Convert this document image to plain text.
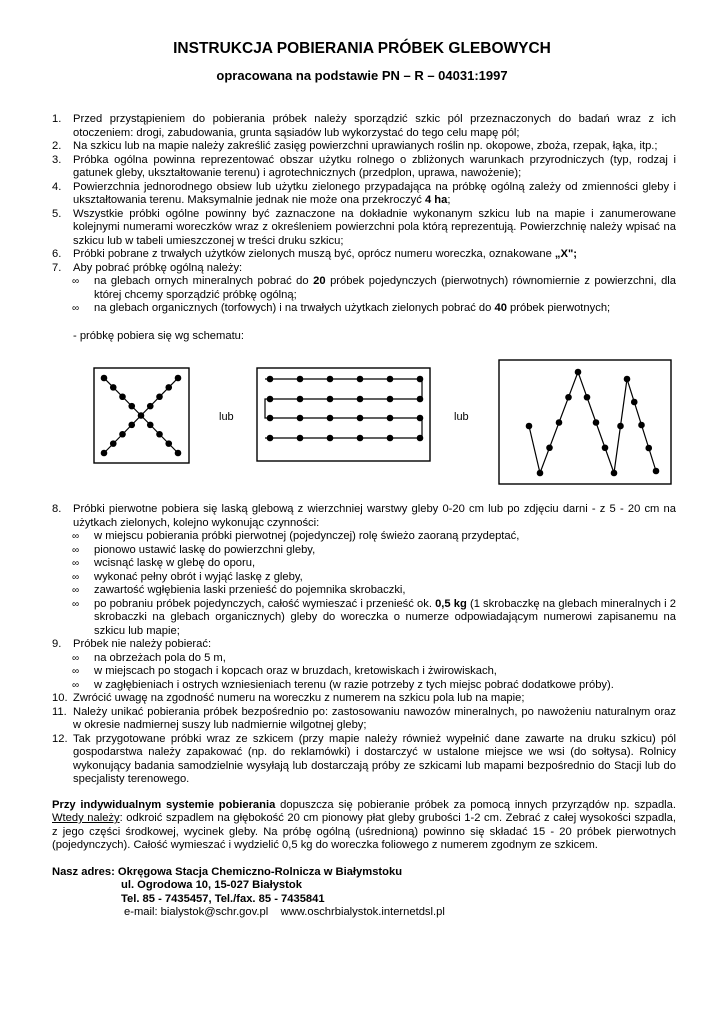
INSTRUKCJA POBIERANIA PRÓBEK GLEBOWYCH
opracowana na podstawie PN – R – 04031:1997
1. Przed przystąpieniem do pobierania próbek należy sporządzić szkic pól przeznaczonych do badań wraz z ich otoczeniem: drogi, zabudowania, grunta sąsiadów lub wykorzystać do tego celu mapę pól;
2. Na szkicu lub na mapie należy zakreślić zasięg powierzchni uprawianych roślin np. okopowe, zboża, rzepak, łąka, itp.;
3. Próbka ogólna powinna reprezentować obszar użytku rolnego o zbliżonych warunkach przyrodniczych (typ, rodzaj i gatunek gleby, ukształtowanie terenu) i agrotechnicznych (przedplon, uprawa, nawożenie);
4. Powierzchnia jednorodnego obsiew lub użytku zielonego przypadająca na próbkę ogólną zależy od zmienności gleby i ukształtowania terenu. Maksymalnie jednak nie może ona przekroczyć 4 ha;
5. Wszystkie próbki ogólne powinny być zaznaczone na dokładnie wykonanym szkicu lub na mapie i zanumerowane kolejnymi numerami woreczków wraz z określeniem powierzchni pola którą reprezentują. Powierzchnię należy wpisać na szkicu lub w tabeli umieszczonej w treści druku szkicu;
6. Próbki pobrane z trwałych użytków zielonych muszą być, oprócz numeru woreczka, oznakowane „X";
7. Aby pobrać próbkę ogólną należy:
∞ na glebach ornych mineralnych pobrać do 20 próbek pojedynczych (pierwotnych) równomiernie z powierzchni, dla której chcemy sporządzić próbkę ogólną;
∞ na glebach organicznych (torfowych) i na trwałych użytkach zielonych pobrać do 40 próbek pierwotnych;
- próbkę pobiera się wg schematu:
lub	lub
8. Próbki pierwotne pobiera się laską glebową z wierzchniej warstwy gleby 0-20 cm lub po zdjęciu darni - z 5 - 20 cm na użytkach zielonych, kolejno wykonując czynności:
∞ w miejscu pobierania próbki pierwotnej (pojedynczej) rolę świeżo zaoraną przydeptać,
∞ pionowo ustawić laskę do powierzchni gleby,
∞ wcisnąć laskę w glebę do oporu,
∞ wykonać pełny obrót i wyjąć laskę z gleby,
∞ zawartość wgłębienia laski przenieść do pojemnika skrobaczki,
∞ po pobraniu próbek pojedynczych, całość wymieszać i przenieść ok. 0,5 kg (1 skrobaczkę na glebach mineralnych i 2 skrobaczki na glebach organicznych) gleby do woreczka o numerze odpowiadającym numerowi zapisanemu na szkicu lub mapie;
9. Próbek nie należy pobierać:
∞ na obrzeżach pola do 5 m,
∞ w miejscach po stogach i kopcach oraz w bruzdach, kretowiskach i żwirowiskach,
∞ w zagłębieniach i ostrych wzniesieniach terenu (w razie potrzeby z tych miejsc pobrać dodatkowe próby).
10. Zwrócić uwagę na zgodność numeru na woreczku z numerem na szkicu pola lub na mapie;
11. Należy unikać pobierania próbek bezpośrednio po: zastosowaniu nawozów mineralnych, po nawożeniu naturalnym oraz w okresie nadmiernej suszy lub nadmiernie wilgotnej gleby;
12. Tak przygotowane próbki wraz ze szkicem (przy mapie należy również wypełnić dane zawarte na druku szkicu) pól gospodarstwa należy zapakować (np. do reklamówki) i dostarczyć w ustalone miejsce we wsi (do sołtysa). Rolnicy wykonujący badania samodzielnie wysyłają lub dostarczają próby ze szkicami lub mapami bezpośrednio do Stacji lub do specjalisty terenowego.
Przy indywidualnym systemie pobierania dopuszcza się pobieranie próbek za pomocą innych przyrządów np. szpadla. Wtedy należy: odkroić szpadlem na głębokość 20 cm pionowy płat gleby grubości 1-2 cm. Zebrać z całej wysokości szpadla, z jego części środkowej, wycinek gleby. Na próbę ogólną (uśrednioną) powinno się składać 15 - 20 próbek pierwotnych (pojedynczych). Całość wymieszać i wydzielić 0,5 kg do woreczka foliowego z numerem zgodnym ze szkicem.
Nasz adres: Okręgowa Stacja Chemiczno-Rolnicza w Białymstoku
ul. Ogrodowa 10, 15-027 Białystok
Tel. 85 - 7435457, Tel./fax. 85 - 7435841
e-mail: bialystok@schr.gov.pl www.oschrbialystok.internetdsl.pl
